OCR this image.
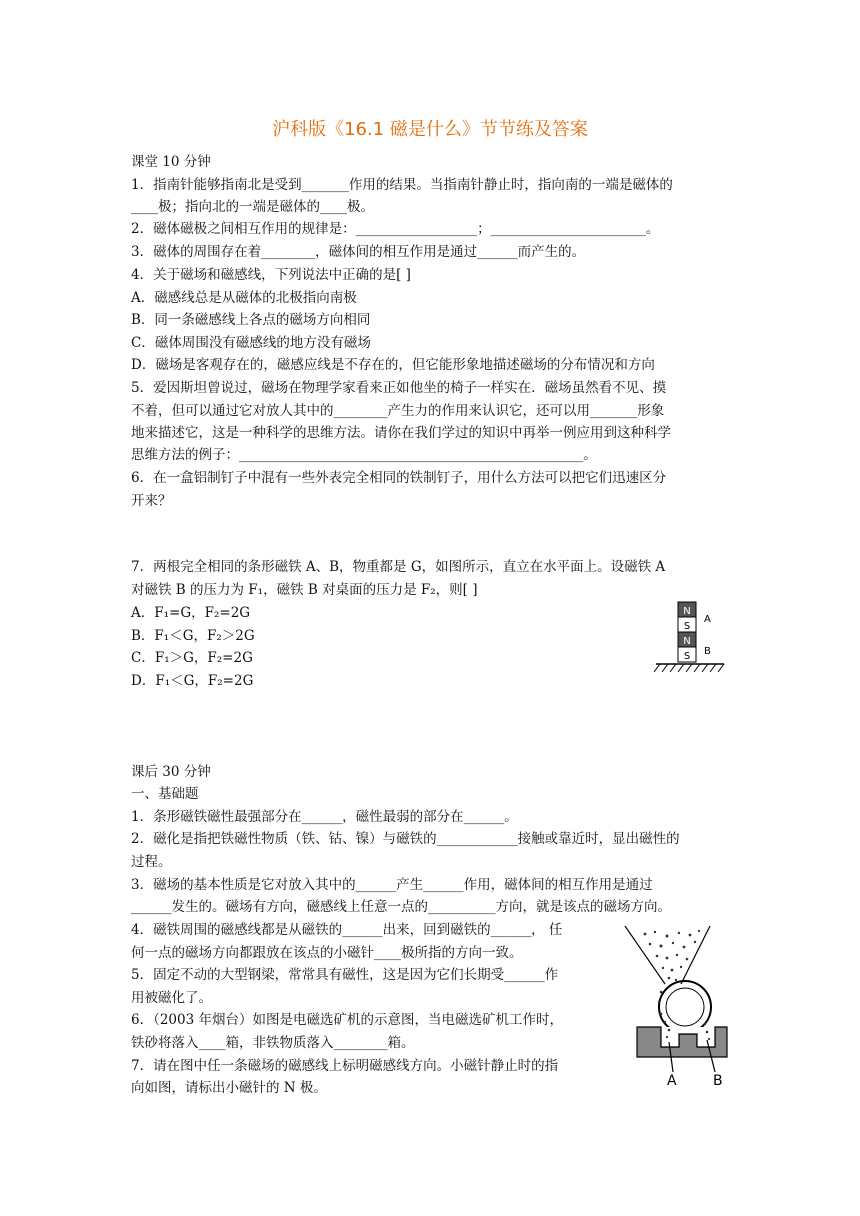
沪科版《16.1 磁是什么》节节练及答案
课堂 10 分钟
1．指南针能够指南北是受到_______作用的结果。当指南针静止时，指向南的一端是磁体的
____极；指向北的一端是磁体的____极。
2．磁体磁极之间相互作用的规律是：__________________；_______________________。
3．磁体的周围存在着________，磁体间的相互作用是通过______而产生的。
4．关于磁场和磁感线，下列说法中正确的是[ ]
A．磁感线总是从磁体的北极指向南极
B．同一条磁感线上各点的磁场方向相同
C．磁体周围没有磁感线的地方没有磁场
D．磁场是客观存在的，磁感应线是不存在的，但它能形象地描述磁场的分布情况和方向
5．爱因斯坦曾说过，磁场在物理学家看来正如他坐的椅子一样实在．磁场虽然看不见、摸
不着，但可以通过它对放人其中的________产生力的作用来认识它，还可以用_______形象
地来描述它，这是一种科学的思维方法。请你在我们学过的知识中再举一例应用到这种科学
思维方法的例子：___________________________________________________。
6．在一盒铝制钉子中混有一些外表完全相同的铁制钉子，用什么方法可以把它们迅速区分
开来？
7．两根完全相同的条形磁铁 A、B，物重都是 G，如图所示，直立在水平面上。设磁铁 A
对磁铁 B 的压力为 F₁，磁铁 B 对桌面的压力是 F₂，则[ ]
A．F₁=G，F₂=2G
B．F₁＜G，F₂＞2G
C．F₁＞G，F₂=2G
D．F₁＜G，F₂=2G
N
S
N
S
A
B
课后 30 分钟
一、基础题
1．条形磁铁磁性最强部分在______，磁性最弱的部分在______。
2．磁化是指把铁磁性物质（铁、钴、镍）与磁铁的____________接触或靠近时，显出磁性的
过程。
3．磁场的基本性质是它对放入其中的______产生______作用，磁体间的相互作用是通过
______发生的。磁场有方向，磁感线上任意一点的__________方向，就是该点的磁场方向。
4．磁铁周围的磁感线都是从磁铁的______出来，回到磁铁的______， 任
何一点的磁场方向都跟放在该点的小磁针____极所指的方向一致。
5．固定不动的大型钢梁，常常具有磁性，这是因为它们长期受______作
用被磁化了。
6．（2003 年烟台）如图是电磁选矿机的示意图，当电磁选矿机工作时，
铁砂将落入____箱，非铁物质落入________箱。
7．请在图中任一条磁场的磁感线上标明磁感线方向。小磁针静止时的指
向如图，请标出小磁针的 N 极。	A	B
